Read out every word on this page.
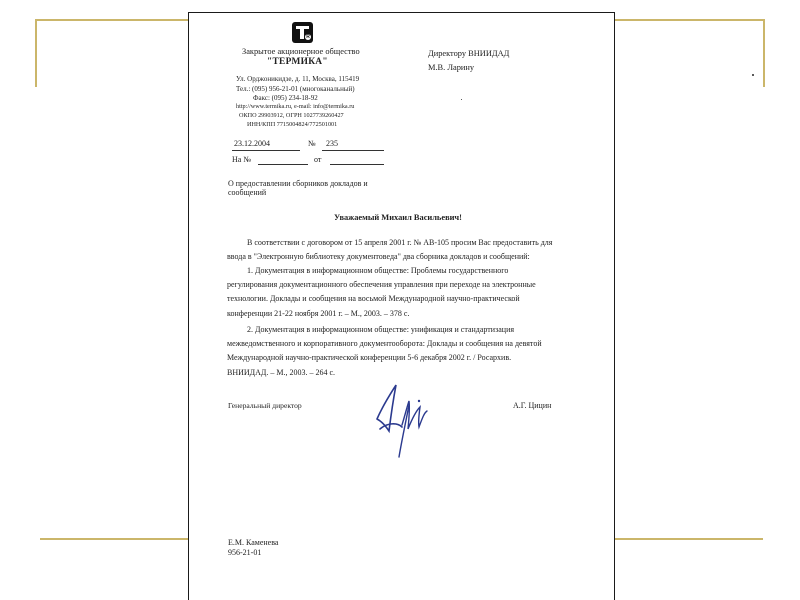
R
Закрытое акционерное общество
"ТЕРМИКА"
Ул. Орджоникидзе, д. 11, Москва, 115419
Тел.: (095) 956-21-01 (многоканальный)
Факс: (095) 234-18-92
http://www.termika.ru, e-mail: info@termika.ru
ОКПО 29903912, ОГРН 1027739260427
ИНН/КПП 7715004824/772501001
Директору ВНИИДАД
М.В. Ларину
23.12.2004	№ 235
На №	от
О предоставлении сборников докладов и
сообщений
Уважаемый Михаил Васильевич!

В соответствии с договором от 15 апреля 2001 г. № АВ-105 просим Вас предоставить для

ввода в "Электронную библиотеку документоведа" два сборника докладов и сообщений:

1. Документация в информационном обществе: Проблемы государственного

регулирования документационного обеспечения управления при переходе на электронные

технологии. Доклады и сообщения на восьмой Международной научно-практической

конференции 21-22 ноября 2001 г. – М., 2003. – 378 с.

2. Документация в информационном обществе: унификация и стандартизация

межведомственного и корпоративного документооборота: Доклады и сообщения на девятой

Международной научно-практической конференции 5-6 декабря 2002 г. / Росархив.

ВНИИДАД. – М., 2003. – 264 с.

Генеральный директор	А.Г. Цицин
Е.М. Каменева
956-21-01
